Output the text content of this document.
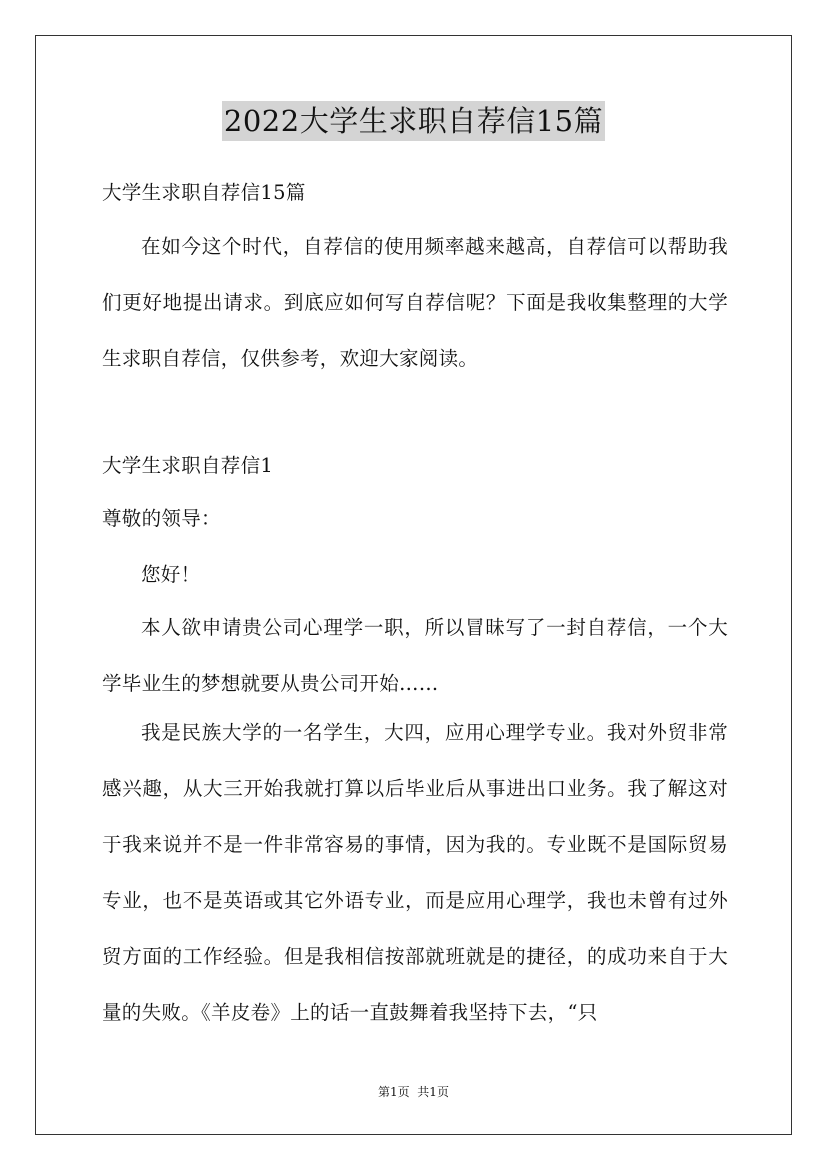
2022大学生求职自荐信15篇
大学生求职自荐信15篇

在如今这个时代，自荐信的使用频率越来越高，自荐信可以帮助我们更好地提出请求。到底应如何写自荐信呢？下面是我收集整理的大学生求职自荐信，仅供参考，欢迎大家阅读。

大学生求职自荐信1
尊敬的领导：
您好！

本人欲申请贵公司心理学一职，所以冒昧写了一封自荐信，一个大学毕业生的梦想就要从贵公司开始……

我是民族大学的一名学生，大四，应用心理学专业。我对外贸非常感兴趣，从大三开始我就打算以后毕业后从事进出口业务。我了解这对于我来说并不是一件非常容易的事情，因为我的。专业既不是国际贸易专业，也不是英语或其它外语专业，而是应用心理学，我也未曾有过外贸方面的工作经验。但是我相信按部就班就是的捷径，的成功来自于大量的失败。《羊皮卷》上的话一直鼓舞着我坚持下去，“只

第1页  共1页
